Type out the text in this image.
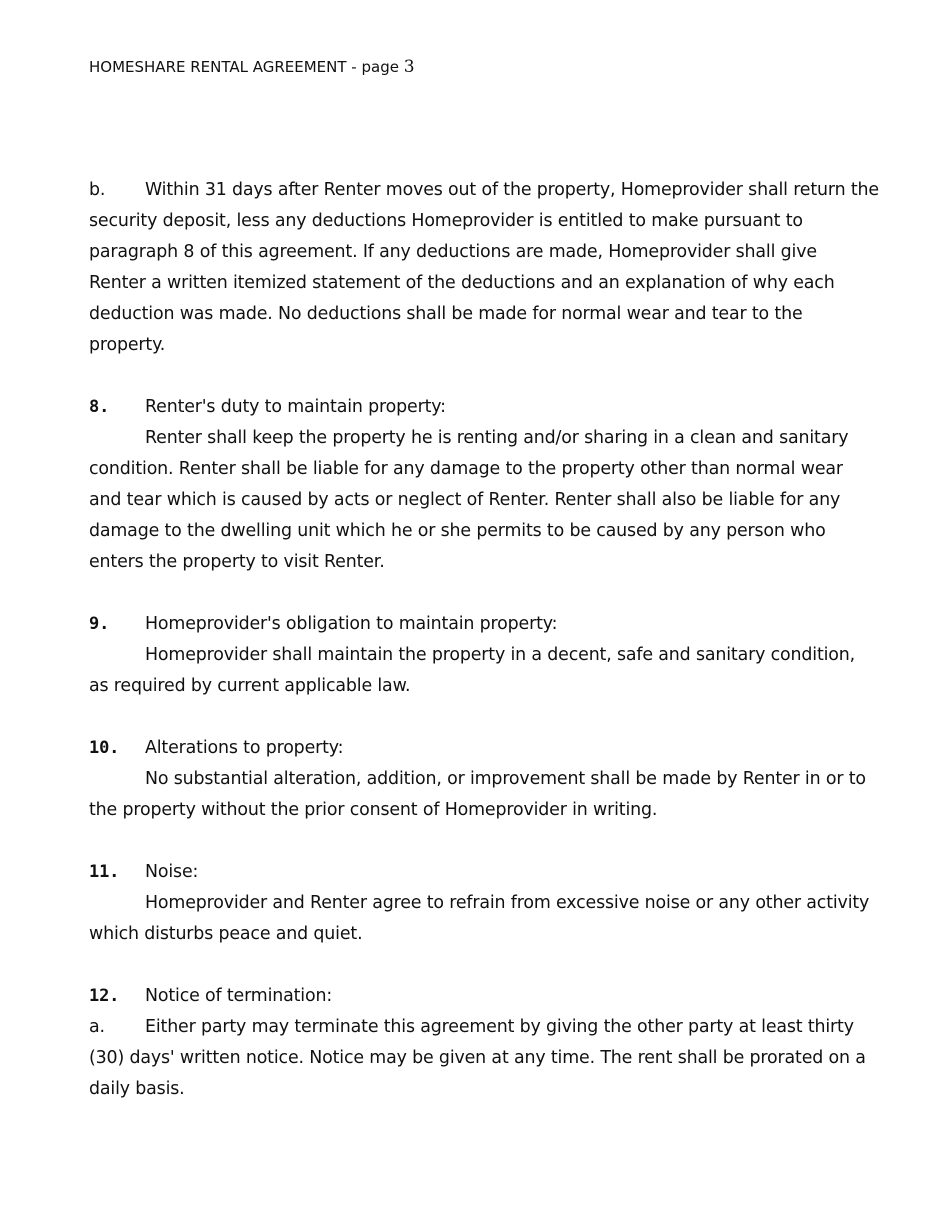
HOMESHARE RENTAL AGREEMENT - page 3

b. Within 31 days after Renter moves out of the property, Homeprovider shall return the security deposit, less any deductions Homeprovider is entitled to make pursuant to paragraph 8 of this agreement. If any deductions are made, Homeprovider shall give Renter a written itemized statement of the deductions and an explanation of why each deduction was made. No deductions shall be made for normal wear and tear to the property.

8. Renter's duty to maintain property:

Renter shall keep the property he is renting and/or sharing in a clean and sanitary condition. Renter shall be liable for any damage to the property other than normal wear and tear which is caused by acts or neglect of Renter. Renter shall also be liable for any damage to the dwelling unit which he or she permits to be caused by any person who enters the property to visit Renter.

9. Homeprovider's obligation to maintain property:

Homeprovider shall maintain the property in a decent, safe and sanitary condition, as required by current applicable law.

10. Alterations to property:

No substantial alteration, addition, or improvement shall be made by Renter in or to the property without the prior consent of Homeprovider in writing.

11. Noise:

Homeprovider and Renter agree to refrain from excessive noise or any other activity which disturbs peace and quiet.

12. Notice of termination:

a. Either party may terminate this agreement by giving the other party at least thirty (30) days' written notice. Notice may be given at any time. The rent shall be prorated on a daily basis.
